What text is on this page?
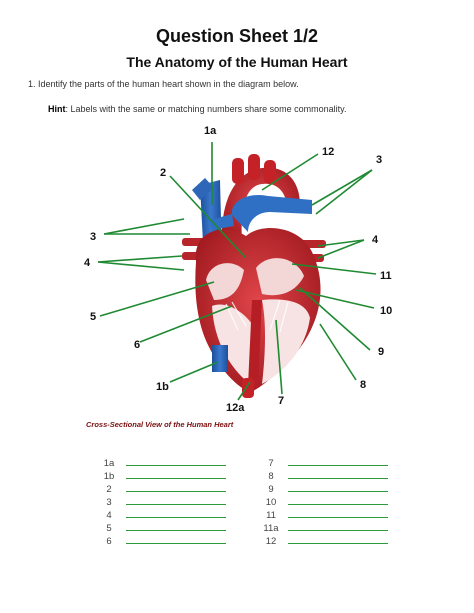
Question Sheet 1/2
The Anatomy of the Human Heart
1. Identify the parts of the human heart shown in the diagram below.
Hint: Labels with the same or matching numbers share some commonality.
1a
12
3
2
3	4
4
11
10
5
6
9
8
1b
7
12a
Cross-Sectional View of the Human Heart
1a
1b
2
3
4
5
6
7
8
9
10
11
11a
12
